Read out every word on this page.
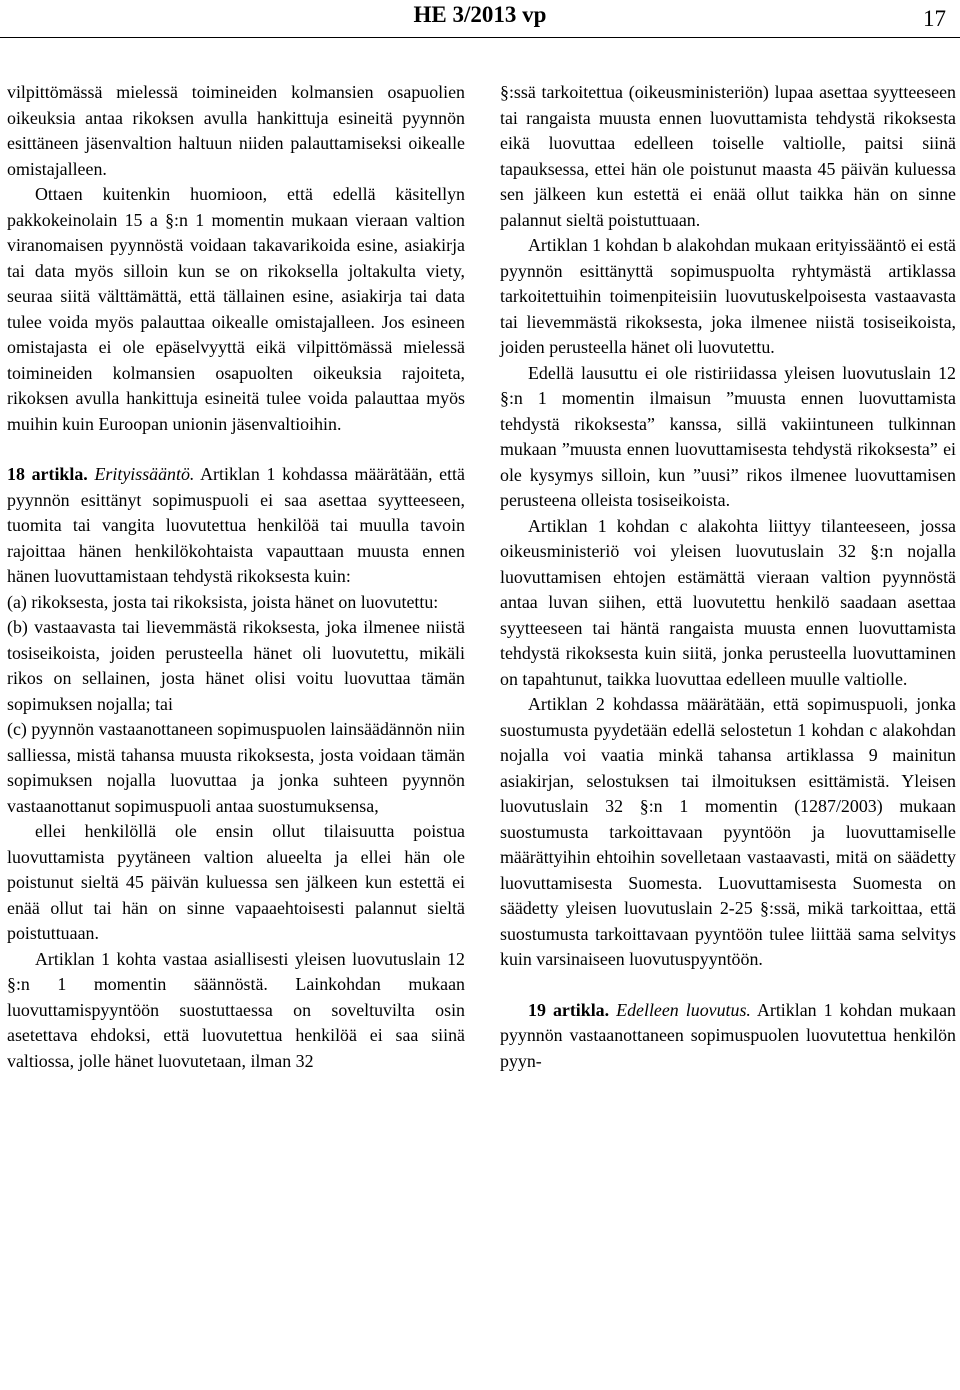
HE 3/2013 vp	17

vilpittömässä mielessä toimineiden kolmansien osapuolien oikeuksia antaa rikoksen avulla hankittuja esineitä pyynnön esittäneen jäsenvaltion haltuun niiden palauttamiseksi oikealle omistajalleen.

Ottaen kuitenkin huomioon, että edellä käsitellyn pakkokeinolain 15 a §:n 1 momentin mukaan vieraan valtion viranomaisen pyynnöstä voidaan takavarikoida esine, asiakirja tai data myös silloin kun se on rikoksella joltakulta viety, seuraa siitä välttämättä, että tällainen esine, asiakirja tai data tulee voida myös palauttaa oikealle omistajalleen. Jos esineen omistajasta ei ole epäselvyyttä eikä vilpittömässä mielessä toimineiden kolmansien osapuolten oikeuksia rajoiteta, rikoksen avulla hankittuja esineitä tulee voida palauttaa myös muihin kuin Euroopan unionin jäsenvaltioihin.

18 artikla. Erityissääntö. Artiklan 1 kohdassa määrätään, että pyynnön esittänyt sopimuspuoli ei saa asettaa syytteeseen, tuomita tai vangita luovutettua henkilöä tai muulla tavoin rajoittaa hänen henkilökohtaista vapauttaan muusta ennen hänen luovuttamistaan tehdystä rikoksesta kuin:

(a) rikoksesta, josta tai rikoksista, joista hänet on luovutettu:

(b) vastaavasta tai lievemmästä rikoksesta, joka ilmenee niistä tosiseikoista, joiden perusteella hänet oli luovutettu, mikäli rikos on sellainen, josta hänet olisi voitu luovuttaa tämän sopimuksen nojalla; tai

(c) pyynnön vastaanottaneen sopimuspuolen lainsäädännön niin salliessa, mistä tahansa muusta rikoksesta, josta voidaan tämän sopimuksen nojalla luovuttaa ja jonka suhteen pyynnön vastaanottanut sopimuspuoli antaa suostumuksensa,

ellei henkilöllä ole ensin ollut tilaisuutta poistua luovuttamista pyytäneen valtion alueelta ja ellei hän ole poistunut sieltä 45 päivän kuluessa sen jälkeen kun estettä ei enää ollut tai hän on sinne vapaaehtoisesti palannut sieltä poistuttuaan.

Artiklan 1 kohta vastaa asiallisesti yleisen luovutuslain 12 §:n 1 momentin säännöstä. Lainkohdan mukaan luovuttamispyyntöön suostuttaessa on soveltuvilta osin asetettava ehdoksi, että luovutettua henkilöä ei saa siinä valtiossa, jolle hänet luovutetaan, ilman 32

§:ssä tarkoitettua (oikeusministeriön) lupaa asettaa syytteeseen tai rangaista muusta ennen luovuttamista tehdystä rikoksesta eikä luovuttaa edelleen toiselle valtiolle, paitsi siinä tapauksessa, ettei hän ole poistunut maasta 45 päivän kuluessa sen jälkeen kun estettä ei enää ollut taikka hän on sinne palannut sieltä poistuttuaan.

Artiklan 1 kohdan b alakohdan mukaan erityissääntö ei estä pyynnön esittänyttä sopimuspuolta ryhtymästä artiklassa tarkoitettuihin toimenpiteisiin luovutuskelpoisesta vastaavasta tai lievemmästä rikoksesta, joka ilmenee niistä tosiseikoista, joiden perusteella hänet oli luovutettu.

Edellä lausuttu ei ole ristiriidassa yleisen luovutuslain 12 §:n 1 momentin ilmaisun ”muusta ennen luovuttamista tehdystä rikoksesta” kanssa, sillä vakiintuneen tulkinnan mukaan ”muusta ennen luovuttamisesta tehdystä rikoksesta” ei ole kysymys silloin, kun ”uusi” rikos ilmenee luovuttamisen perusteena olleista tosiseikoista.

Artiklan 1 kohdan c alakohta liittyy tilanteeseen, jossa oikeusministeriö voi yleisen luovutuslain 32 §:n nojalla luovuttamisen ehtojen estämättä vieraan valtion pyynnöstä antaa luvan siihen, että luovutettu henkilö saadaan asettaa syytteeseen tai häntä rangaista muusta ennen luovuttamista tehdystä rikoksesta kuin siitä, jonka perusteella luovuttaminen on tapahtunut, taikka luovuttaa edelleen muulle valtiolle.

Artiklan 2 kohdassa määrätään, että sopimuspuoli, jonka suostumusta pyydetään edellä selostetun 1 kohdan c alakohdan nojalla voi vaatia minkä tahansa artiklassa 9 mainitun asiakirjan, selostuksen tai ilmoituksen esittämistä. Yleisen luovutuslain 32 §:n 1 momentin (1287/2003) mukaan suostumusta tarkoittavaan pyyntöön ja luovuttamiselle määrättyihin ehtoihin sovelletaan vastaavasti, mitä on säädetty luovuttamisesta Suomesta. Luovuttamisesta Suomesta on säädetty yleisen luovutuslain 2-25 §:ssä, mikä tarkoittaa, että suostumusta tarkoittavaan pyyntöön tulee liittää sama selvitys kuin varsinaiseen luovutuspyyntöön.

19 artikla. Edelleen luovutus. Artiklan 1 kohdan mukaan pyynnön vastaanottaneen sopimuspuolen luovutettua henkilön pyyn-
